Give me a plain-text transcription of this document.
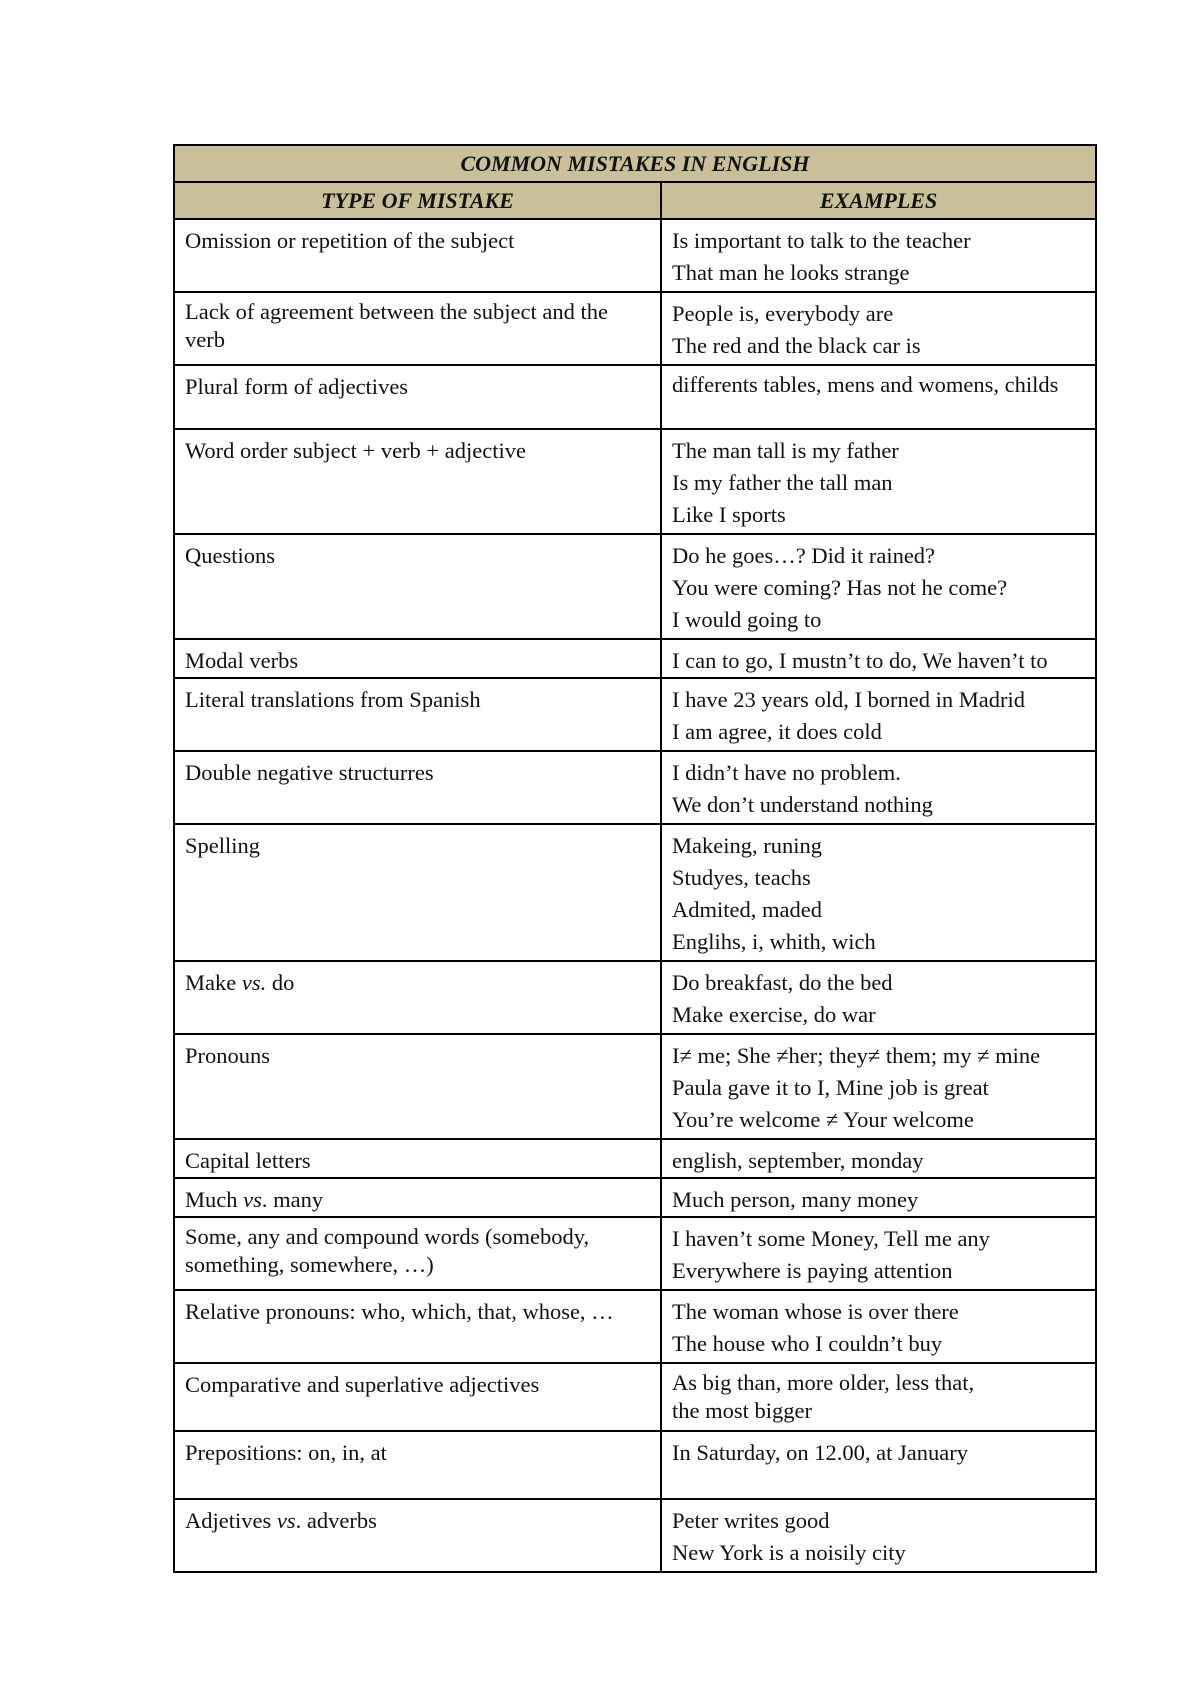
COMMON MISTAKES IN ENGLISH	
TYPE OF MISTAKE	EXAMPLES

Omission or repetition of the subject	Is important to talk to the teacher
That man he looks strange

Lack of agreement between the subject and the verb	People is, everybody are
The red and the black car is

Plural form of adjectives	differents tables, mens and womens, childs

Word order subject + verb + adjective	The man tall is my father
Is my father the tall man
Like I sports

Questions	Do he goes…? Did it rained?
You were coming? Has not he come?
I would going to

Modal verbs	I can to go, I mustn’t to do, We haven’t to

Literal translations from Spanish	I have 23 years old, I borned in Madrid
I am agree, it does cold

Double negative structurres	I didn’t have no problem.
We don’t understand nothing

Spelling	Makeing, runing
Studyes, teachs
Admited, maded
Englihs, i, whith, wich

Make vs. do	Do breakfast, do the bed
Make exercise, do war

Pronouns	I≠ me; She ≠her; they≠ them; my ≠ mine
Paula gave it to I, Mine job is great
You’re welcome ≠ Your welcome

Capital letters	english, september, monday

Much vs. many	Much person, many money

Some, any and compound words (somebody, something, somewhere, …)	I haven’t some Money, Tell me any
Everywhere is paying attention

Relative pronouns: who, which, that, whose, …	The woman whose is over there
The house who I couldn’t buy

Comparative and superlative adjectives	As big than, more older, less that,
the most bigger

Prepositions: on, in, at	In Saturday, on 12.00, at January

Adjetives vs. adverbs	Peter writes good
New York is a noisily city
